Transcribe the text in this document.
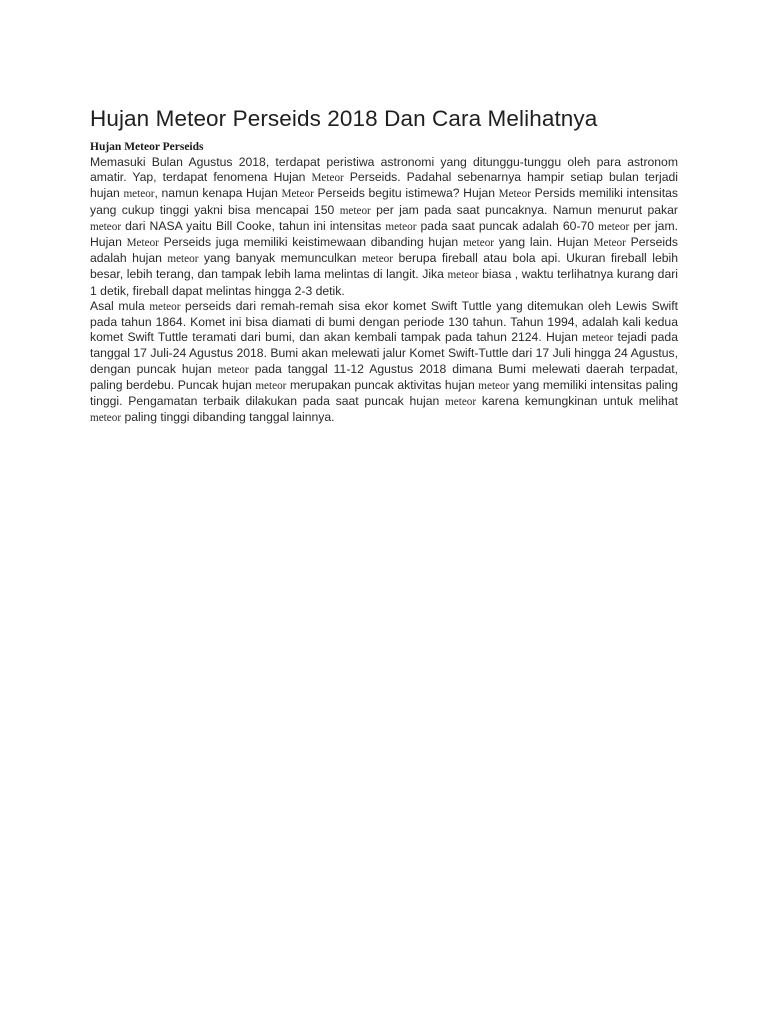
Hujan Meteor Perseids 2018 Dan Cara Melihatnya

Hujan Meteor Perseids

Memasuki Bulan Agustus 2018, terdapat peristiwa astronomi yang ditunggu-tunggu oleh para astronom amatir. Yap, terdapat fenomena Hujan Meteor Perseids. Padahal sebenarnya hampir setiap bulan terjadi hujan meteor, namun kenapa Hujan Meteor Perseids begitu istimewa? Hujan Meteor Persids memiliki intensitas yang cukup tinggi yakni bisa mencapai 150 meteor per jam pada saat puncaknya. Namun menurut pakar meteor dari NASA yaitu Bill Cooke, tahun ini intensitas meteor pada saat puncak adalah 60-70 meteor per jam. Hujan Meteor Perseids juga memiliki keistimewaan dibanding hujan meteor yang lain. Hujan Meteor Perseids adalah hujan meteor yang banyak memunculkan meteor berupa fireball atau bola api. Ukuran fireball lebih besar, lebih terang, dan tampak lebih lama melintas di langit. Jika meteor biasa , waktu terlihatnya kurang dari 1 detik, fireball dapat melintas hingga 2-3 detik.

Asal mula meteor perseids dari remah-remah sisa ekor komet Swift Tuttle yang ditemukan oleh Lewis Swift pada tahun 1864. Komet ini bisa diamati di bumi dengan periode 130 tahun. Tahun 1994, adalah kali kedua komet Swift Tuttle teramati dari bumi, dan akan kembali tampak pada tahun 2124. Hujan meteor tejadi pada tanggal 17 Juli-24 Agustus 2018. Bumi akan melewati jalur Komet Swift-Tuttle dari 17 Juli hingga 24 Agustus, dengan puncak hujan meteor pada tanggal 11-12 Agustus 2018 dimana Bumi melewati daerah terpadat, paling berdebu. Puncak hujan meteor merupakan puncak aktivitas hujan meteor yang memiliki intensitas paling tinggi. Pengamatan terbaik dilakukan pada saat puncak hujan meteor karena kemungkinan untuk melihat meteor paling tinggi dibanding tanggal lainnya.
